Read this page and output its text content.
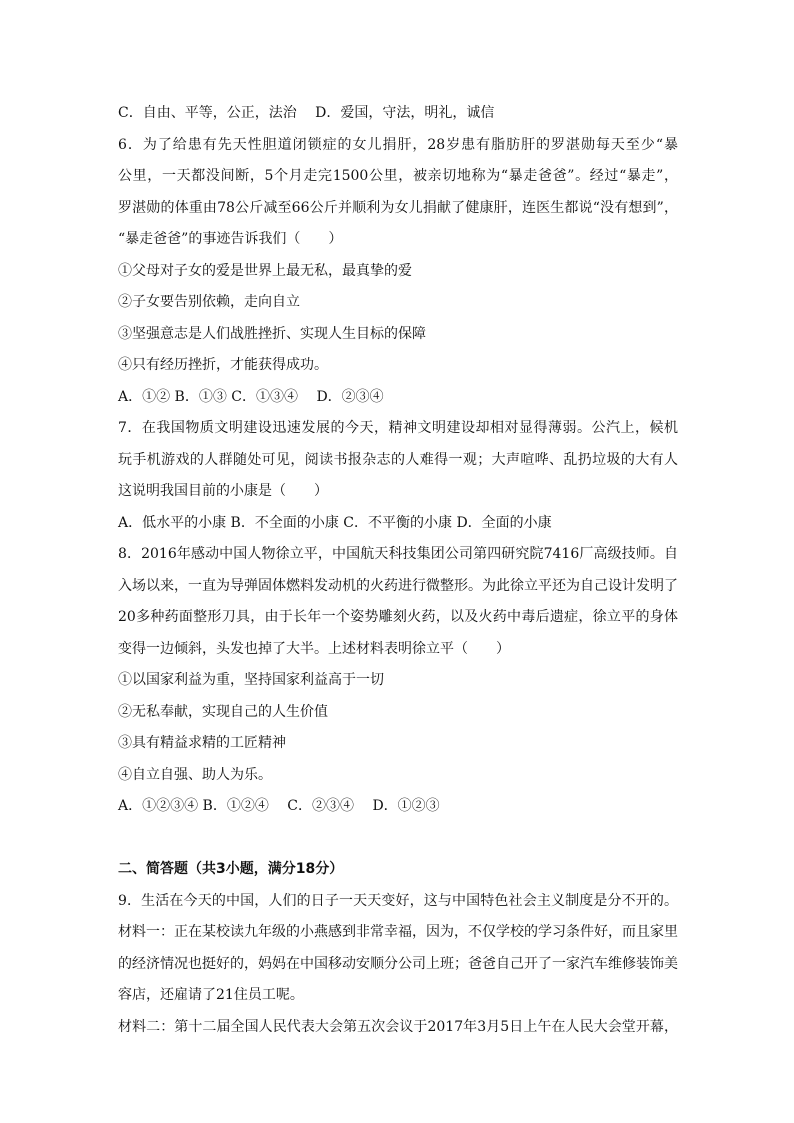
C．自由、平等，公正，法治　 D．爱国，守法，明礼，诚信
6．为了给患有先天性胆道闭锁症的女儿捐肝，28岁患有脂肪肝的罗湛勋每天至少“暴
公里，一天都没间断，5个月走完1500公里，被亲切地称为“暴走爸爸”。经过“暴走”，
罗湛勋的体重由78公斤减至66公斤并顺利为女儿捐献了健康肝，连医生都说“没有想到”，
“暴走爸爸”的事迹告诉我们（　　）
①父母对子女的爱是世界上最无私，最真挚的爱
②子女要告别依赖，走向自立
③坚强意志是人们战胜挫折、实现人生目标的保障
④只有经历挫折，才能获得成功。
A．①② B．①③ C．①③④　 D．②③④
7．在我国物质文明建设迅速发展的今天，精神文明建设却相对显得薄弱。公汽上，候机
玩手机游戏的人群随处可见，阅读书报杂志的人难得一观；大声喧哗、乱扔垃圾的大有人
这说明我国目前的小康是（　　）
A．低水平的小康 B．不全面的小康 C．不平衡的小康 D．全面的小康
8．2016年感动中国人物徐立平，中国航天科技集团公司第四研究院7416厂高级技师。自
入场以来，一直为导弹固体燃料发动机的火药进行微整形。为此徐立平还为自己设计发明了
20多种药面整形刀具，由于长年一个姿势雕刻火药，以及火药中毒后遗症，徐立平的身体
变得一边倾斜，头发也掉了大半。上述材料表明徐立平（　　）
①以国家利益为重，坚持国家利益高于一切
②无私奉献，实现自己的人生价值
③具有精益求精的工匠精神
④自立自强、助人为乐。
A．①②③④ B．①②④　 C．②③④　 D．①②③
二、简答题（共3小题，满分18分）
9．生活在今天的中国，人们的日子一天天变好，这与中国特色社会主义制度是分不开的。
材料一：正在某校读九年级的小燕感到非常幸福，因为，不仅学校的学习条件好，而且家里
的经济情况也挺好的，妈妈在中国移动安顺分公司上班；爸爸自己开了一家汽车维修装饰美
容店，还雇请了21住员工呢。
材料二：第十二届全国人民代表大会第五次会议于2017年3月5日上午在人民大会堂开幕，
